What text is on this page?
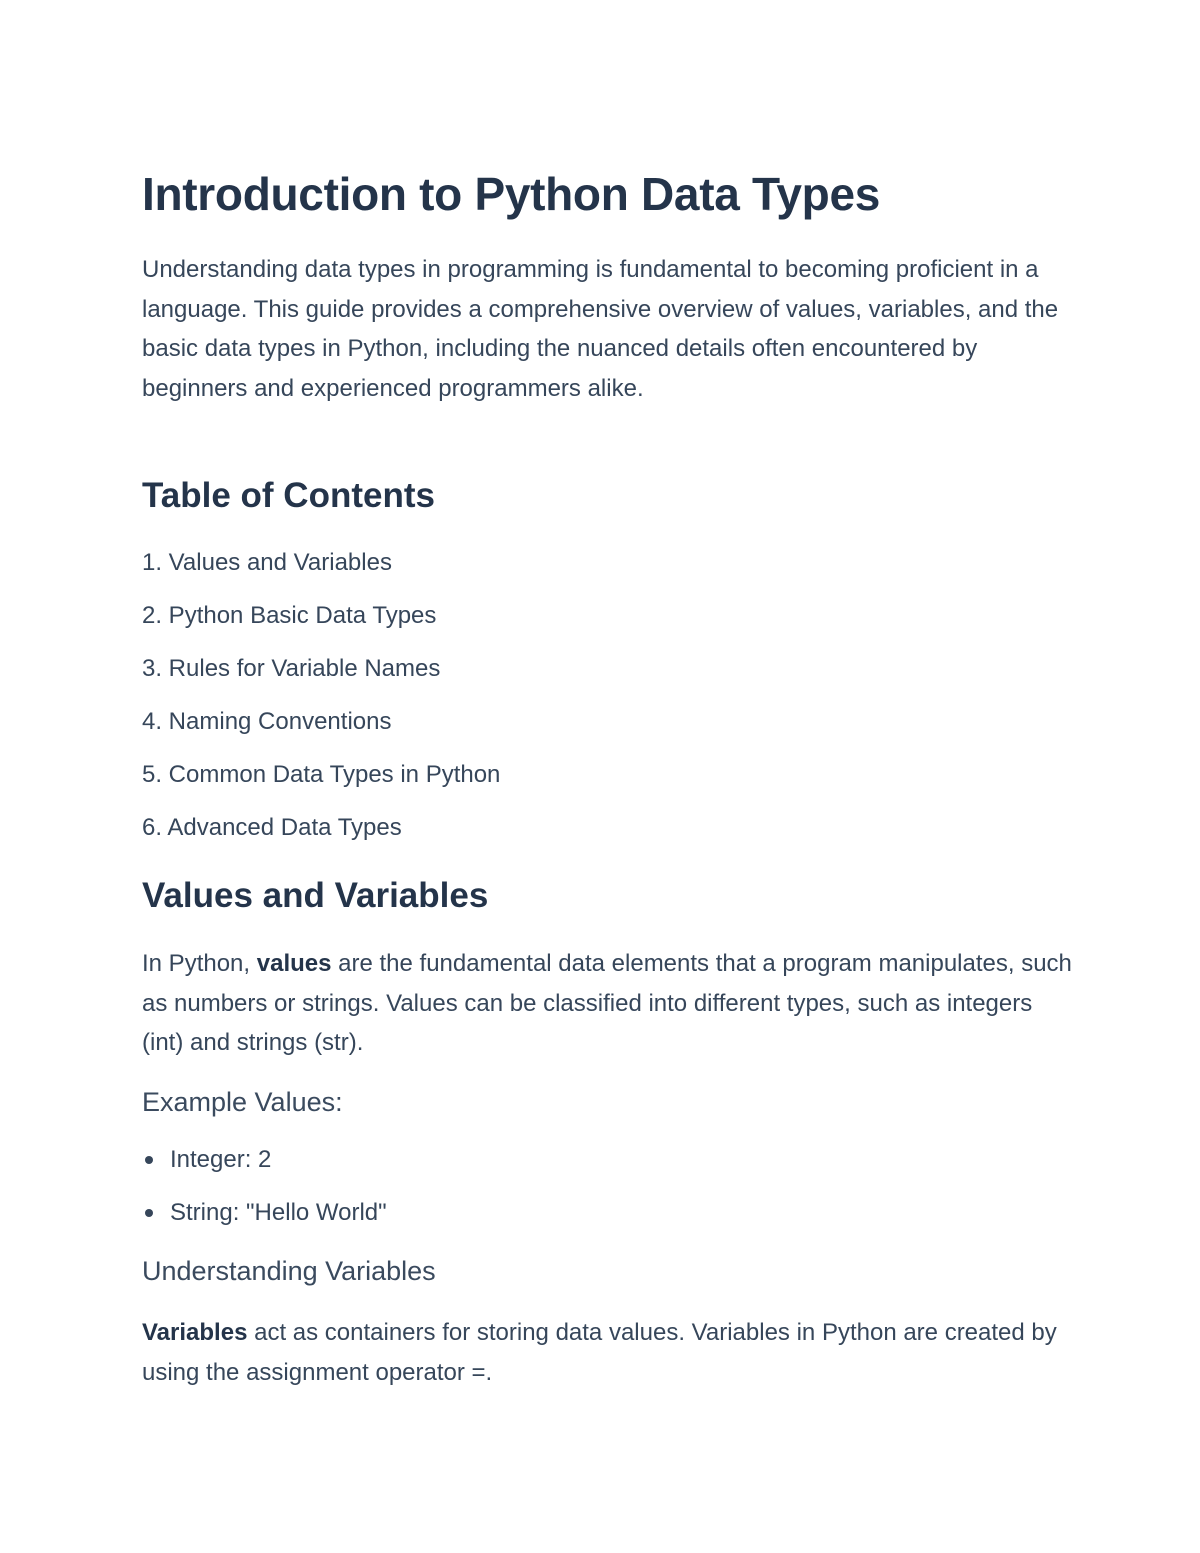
Introduction to Python Data Types

Understanding data types in programming is fundamental to becoming proficient in a language. This guide provides a comprehensive overview of values, variables, and the basic data types in Python, including the nuanced details often encountered by beginners and experienced programmers alike.

Table of Contents
1. Values and Variables
2. Python Basic Data Types
3. Rules for Variable Names
4. Naming Conventions
5. Common Data Types in Python
6. Advanced Data Types
Values and Variables

In Python, values are the fundamental data elements that a program manipulates, such as numbers or strings. Values can be classified into different types, such as integers (int) and strings (str).

Example Values:
Integer: 2
String: "Hello World"
Understanding Variables

Variables act as containers for storing data values. Variables in Python are created by using the assignment operator =.
